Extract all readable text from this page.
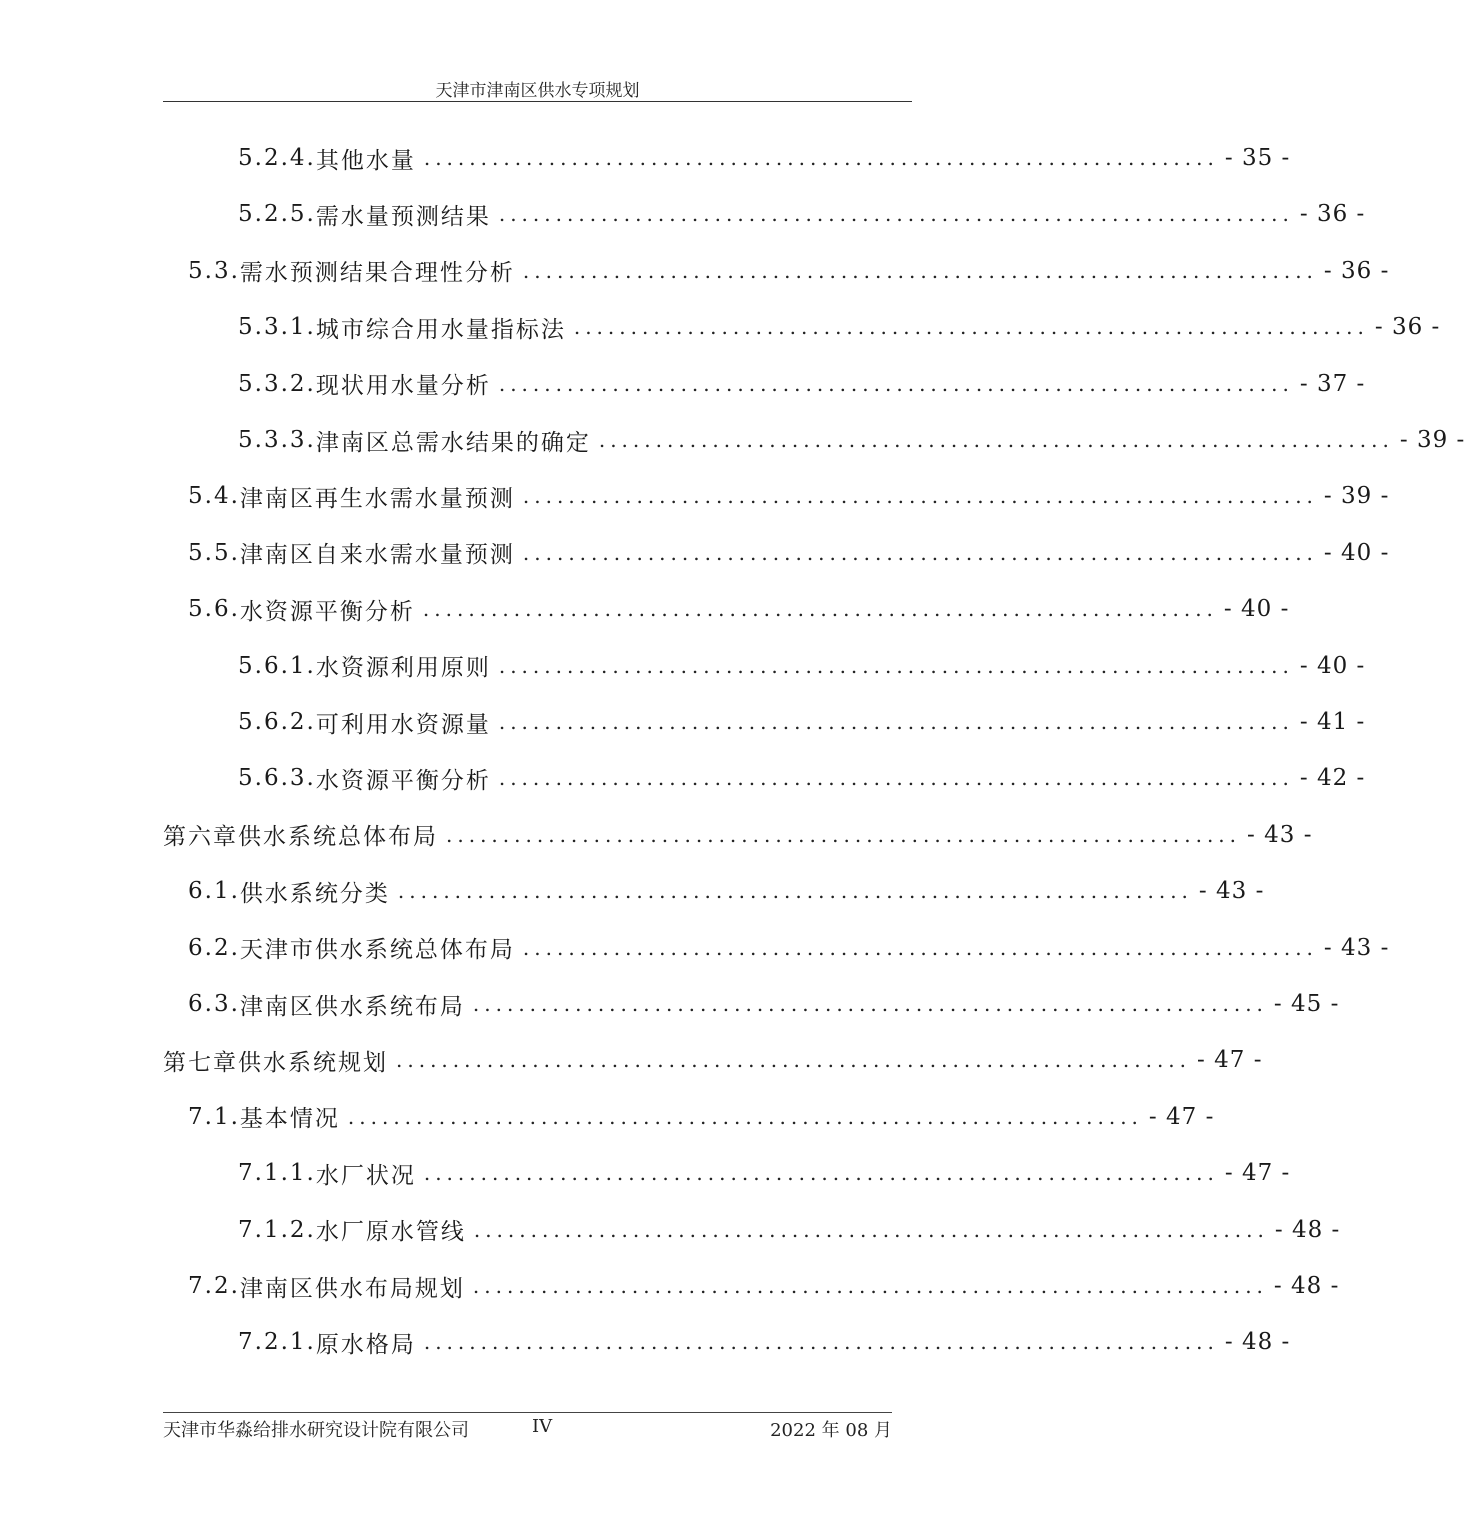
天津市津南区供水专项规划
5.2.4. 其他水量 ...................................................................... - 35 -
5.2.5. 需水量预测结果 ...................................................................... - 36 -
5.3. 需水预测结果合理性分析 ...................................................................... - 36 -
5.3.1. 城市综合用水量指标法 ...................................................................... - 36 -
5.3.2. 现状用水量分析 ...................................................................... - 37 -
5.3.3. 津南区总需水结果的确定 ...................................................................... - 39 -
5.4. 津南区再生水需水量预测 ...................................................................... - 39 -
5.5. 津南区自来水需水量预测 ...................................................................... - 40 -
5.6. 水资源平衡分析 ...................................................................... - 40 -
5.6.1. 水资源利用原则 ...................................................................... - 40 -
5.6.2. 可利用水资源量 ...................................................................... - 41 -
5.6.3. 水资源平衡分析 ...................................................................... - 42 -
第六章 供水系统总体布局 ...................................................................... - 43 -
6.1. 供水系统分类 ...................................................................... - 43 -
6.2. 天津市供水系统总体布局 ...................................................................... - 43 -
6.3. 津南区供水系统布局 ...................................................................... - 45 -
第七章 供水系统规划 ...................................................................... - 47 -
7.1. 基本情况 ...................................................................... - 47 -
7.1.1. 水厂状况 ...................................................................... - 47 -
7.1.2. 水厂原水管线 ...................................................................... - 48 -
7.2. 津南区供水布局规划 ...................................................................... - 48 -
7.2.1. 原水格局 ...................................................................... - 48 -
天津市华淼给排水研究设计院有限公司	IV	2022 年 08 月
